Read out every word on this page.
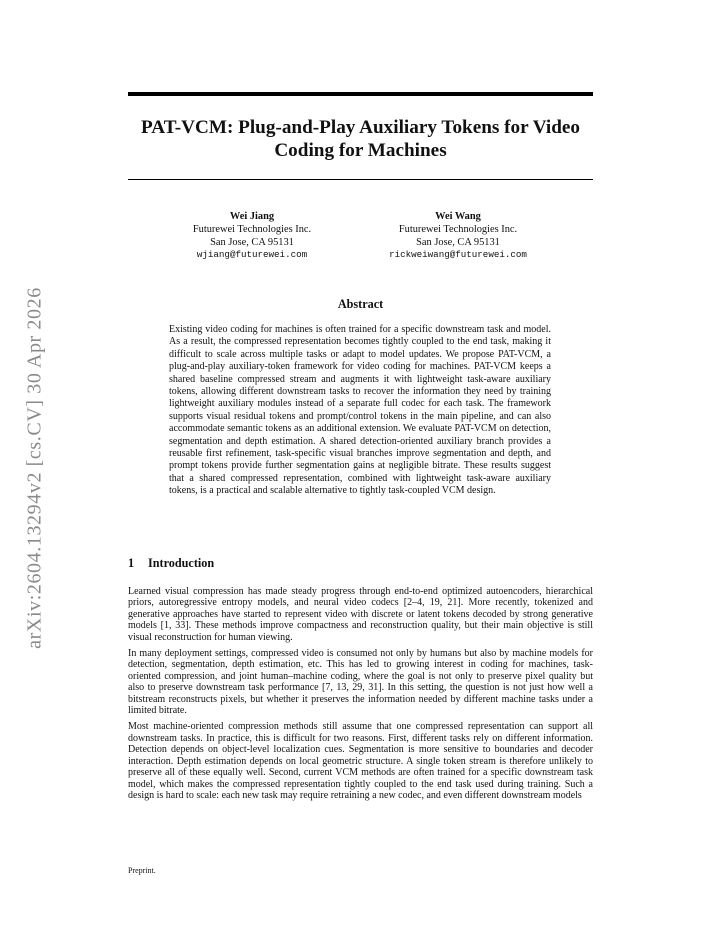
arXiv:2604.13294v2 [cs.CV] 30 Apr 2026
PAT-VCM: Plug-and-Play Auxiliary Tokens for Video Coding for Machines
Wei Jiang
Futurewei Technologies Inc.
San Jose, CA 95131
wjiang@futurewei.com
Wei Wang
Futurewei Technologies Inc.
San Jose, CA 95131
rickweiwang@futurewei.com
Abstract

Existing video coding for machines is often trained for a specific downstream task and model. As a result, the compressed representation becomes tightly coupled to the end task, making it difficult to scale across multiple tasks or adapt to model updates. We propose PAT-VCM, a plug-and-play auxiliary-token framework for video coding for machines. PAT-VCM keeps a shared baseline compressed stream and augments it with lightweight task-aware auxiliary tokens, allowing different downstream tasks to recover the information they need by training lightweight auxiliary modules instead of a separate full codec for each task. The framework supports visual residual tokens and prompt/control tokens in the main pipeline, and can also accommodate semantic tokens as an additional extension. We evaluate PAT-VCM on detection, segmentation and depth estimation. A shared detection-oriented auxiliary branch provides a reusable first refinement, task-specific visual branches improve segmentation and depth, and prompt tokens provide further segmentation gains at negligible bitrate. These results suggest that a shared compressed representation, combined with lightweight task-aware auxiliary tokens, is a practical and scalable alternative to tightly task-coupled VCM design.

1 Introduction

Learned visual compression has made steady progress through end-to-end optimized autoencoders, hierarchical priors, autoregressive entropy models, and neural video codecs [2–4, 19, 21]. More recently, tokenized and generative approaches have started to represent video with discrete or latent tokens decoded by strong generative models [1, 33]. These methods improve compactness and reconstruction quality, but their main objective is still visual reconstruction for human viewing.

In many deployment settings, compressed video is consumed not only by humans but also by machine models for detection, segmentation, depth estimation, etc. This has led to growing interest in coding for machines, task-oriented compression, and joint human–machine coding, where the goal is not only to preserve pixel quality but also to preserve downstream task performance [7, 13, 29, 31]. In this setting, the question is not just how well a bitstream reconstructs pixels, but whether it preserves the information needed by different machine tasks under a limited bitrate.

Most machine-oriented compression methods still assume that one compressed representation can support all downstream tasks. In practice, this is difficult for two reasons. First, different tasks rely on different information. Detection depends on object-level localization cues. Segmentation is more sensitive to boundaries and decoder interaction. Depth estimation depends on local geometric structure. A single token stream is therefore unlikely to preserve all of these equally well. Second, current VCM methods are often trained for a specific downstream task model, which makes the compressed representation tightly coupled to the end task used during training. Such a design is hard to scale: each new task may require retraining a new codec, and even different downstream models

Preprint.
